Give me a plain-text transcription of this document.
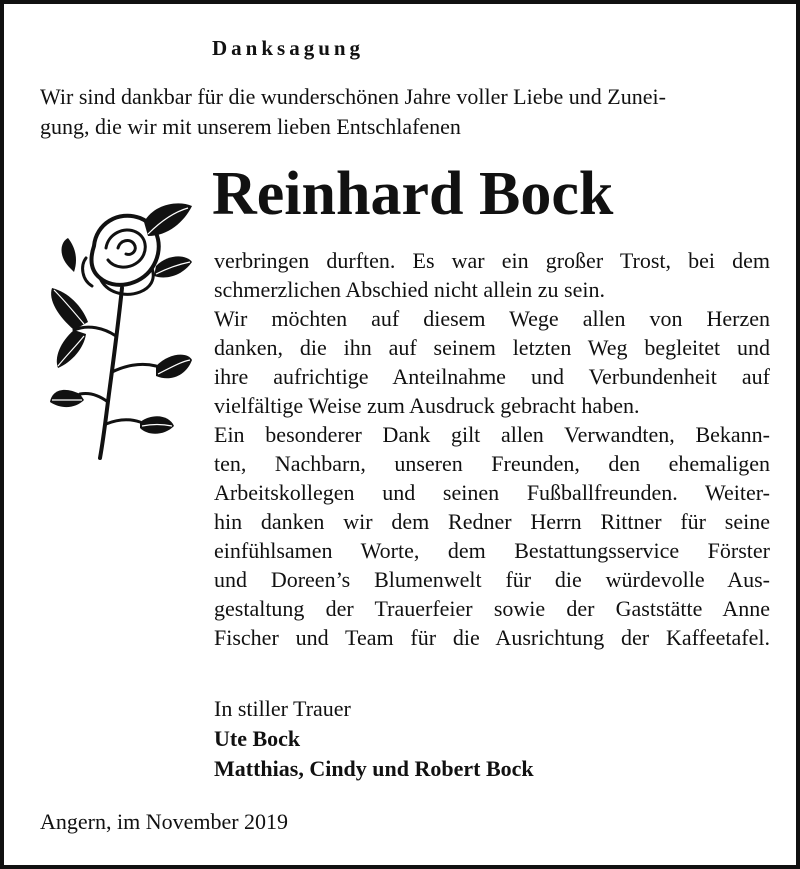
Danksagung
Wir sind dankbar für die wunderschönen Jahre voller Liebe und Zunei-
gung, die wir mit unserem lieben Entschlafenen
Reinhard Bock
verbringen durften. Es war ein großer Trost, bei dem
schmerzlichen Abschied nicht allein zu sein.
Wir möchten auf diesem Wege allen von Herzen
danken, die ihn auf seinem letzten Weg begleitet und
ihre aufrichtige Anteilnahme und Verbundenheit auf
vielfältige Weise zum Ausdruck gebracht haben.
Ein besonderer Dank gilt allen Verwandten, Bekann-
ten, Nachbarn, unseren Freunden, den ehemaligen
Arbeitskollegen und seinen Fußballfreunden. Weiter-
hin danken wir dem Redner Herrn Rittner für seine
einfühlsamen Worte, dem Bestattungsservice Förster
und Doreen’s Blumenwelt für die würdevolle Aus-
gestaltung der Trauerfeier sowie der Gaststätte Anne
Fischer und Team für die Ausrichtung der Kaffeetafel.
In stiller Trauer
Ute Bock
Matthias, Cindy und Robert Bock
Angern, im November 2019
